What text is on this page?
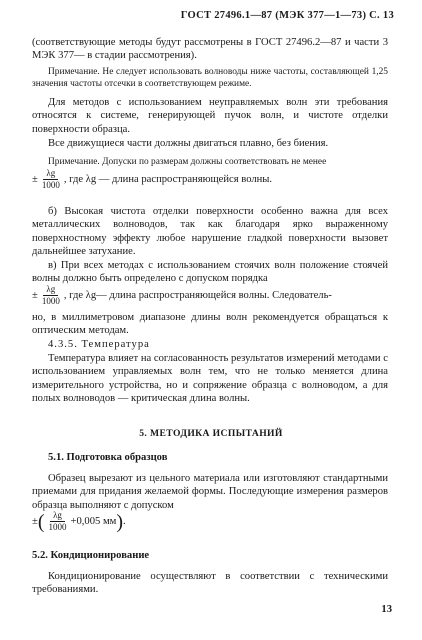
ГОСТ 27496.1—87 (МЭК 377—1—73) С. 13
(соответствующие методы будут рассмотрены в ГОСТ 27496.2—87 и части 3 МЭК 377— в стадии рассмотрения).
Примечание. Не следует использовать волноводы ниже частоты, составляющей 1,25 значения частоты отсечки в соответствующем режиме.
Для методов с использованием неуправляемых волн эти требования относятся к системе, генерирующей пучок волн, и чистоте отделки поверхности образца.
Все движущиеся части должны двигаться плавно, без биения.
Примечание. Допуски по размерам должны соответствовать не менее
± $\frac{\lambda g}{1000}$ , где λg — длина распространяющейся волны.
б) Высокая чистота отделки поверхности особенно важна для всех металлических волноводов, так как благодаря ярко выраженному поверхностному эффекту любое нарушение гладкой поверхности вызовет дальнейшее затухание.
в) При всех методах с использованием стоячих волн положение стоячей волны должно быть определено с допуском порядка
± $\frac{\lambda g}{1000}$ , где λg— длина распространяющейся волны. Следователь-
но, в миллиметровом диапазоне длины волн рекомендуется обращаться к оптическим методам.
4.3.5. Температура
Температура влияет на согласованность результатов измерений методами с использованием управляемых волн тем, что не только меняется длина измерительного устройства, но и сопряжение образца с волноводом, а для полых волноводов — критическая длина волны.
5. МЕТОДИКА ИСПЫТАНИЙ
5.1. Подготовка образцов
Образец вырезают из цельного материала или изготовляют стандартными приемами для придания желаемой формы. Последующие измерения размеров образца выполняют с допуском
± ( $\frac{\lambda g}{1000} +0,005$ мм ) .
5.2. Кондиционирование
Кондиционирование осуществляют в соответствии с техническими требованиями.
13
